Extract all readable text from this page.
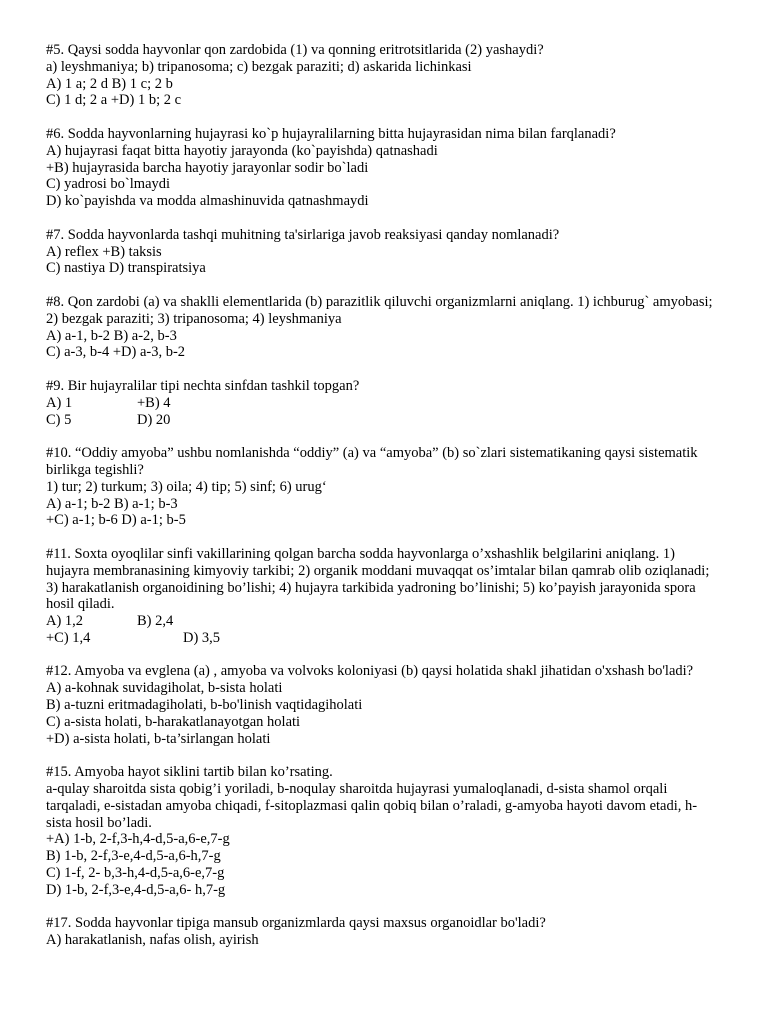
#5. Qaysi sodda hayvonlar qon zardobida (1) va qonning eritrotsitlarida (2) yashaydi?
a) leyshmaniya; b) tripanosoma; c) bezgak paraziti; d) askarida lichinkasi
A) 1 a; 2 d B) 1 c; 2 b
C) 1 d; 2 a +D) 1 b; 2 c
#6. Sodda hayvonlarning hujayrasi ko`p hujayralilarning bitta hujayrasidan nima bilan farqlanadi?
A) hujayrasi faqat bitta hayotiy jarayonda (ko`payishda) qatnashadi
+B) hujayrasida barcha hayotiy jarayonlar sodir bo`ladi
C) yadrosi bo`lmaydi
D) ko`payishda va modda almashinuvida qatnashmaydi
#7. Sodda hayvonlarda tashqi muhitning ta'sirlariga javob reaksiyasi qanday nomlanadi?
A) reflex +B) taksis
C) nastiya D) transpiratsiya
#8. Qon zardobi (a) va shaklli elementlarida (b) parazitlik qiluvchi organizmlarni aniqlang. 1) ichburug` amyobasi; 2) bezgak paraziti; 3) tripanosoma; 4) leyshmaniya
A) a-1, b-2 B) a-2, b-3
C) a-3, b-4 +D) a-3, b-2
#9. Bir hujayralilar tipi nechta sinfdan tashkil topgan?
A) 1	+B) 4
C) 5	D) 20
#10. “Oddiy amyoba” ushbu nomlanishda “oddiy” (a) va “amyoba” (b) so`zlari sistematikaning qaysi sistematik birlikga tegishli?
1) tur; 2) turkum; 3) oila; 4) tip; 5) sinf; 6) urug‘
A) a-1; b-2 B) a-1; b-3
+C) a-1; b-6 D) a-1; b-5
#11. Soxta oyoqlilar sinfi vakillarining qolgan barcha sodda hayvonlarga o’xshashlik belgilarini aniqlang. 1) hujayra membranasining kimyoviy tarkibi; 2) organik moddani muvaqqat os’imtalar bilan qamrab olib oziqlanadi; 3) harakatlanish organoidining bo’lishi; 4) hujayra tarkibida yadroning bo’linishi; 5) ko’payish jarayonida spora hosil qiladi.
A) 1,2	B) 2,4
+C) 1,4	D) 3,5
#12. Amyoba va evglena (a) , amyoba va volvoks koloniyasi (b) qaysi holatida shakl jihatidan o'xshash bo'ladi?
A) a-kohnak suvidagiholat, b-sista holati
B) a-tuzni eritmadagiholati, b-bo'linish vaqtidagiholati
C) a-sista holati, b-harakatlanayotgan holati
+D) a-sista holati, b-ta’sirlangan holati
#15. Amyoba hayot siklini tartib bilan ko’rsating.
a-qulay sharoitda sista qobig’i yoriladi, b-noqulay sharoitda hujayrasi yumaloqlanadi, d-sista shamol orqali tarqaladi, e-sistadan amyoba chiqadi, f-sitoplazmasi qalin qobiq bilan o’raladi, g-amyoba hayoti davom etadi, h-sista hosil bo’ladi.
+A) 1-b, 2-f,3-h,4-d,5-a,6-e,7-g
B) 1-b, 2-f,3-e,4-d,5-a,6-h,7-g
C) 1-f, 2- b,3-h,4-d,5-a,6-e,7-g
D) 1-b, 2-f,3-e,4-d,5-a,6- h,7-g
#17. Sodda hayvonlar tipiga mansub organizmlarda qaysi maxsus organoidlar bo'ladi?
A) harakatlanish, nafas olish, ayirish
